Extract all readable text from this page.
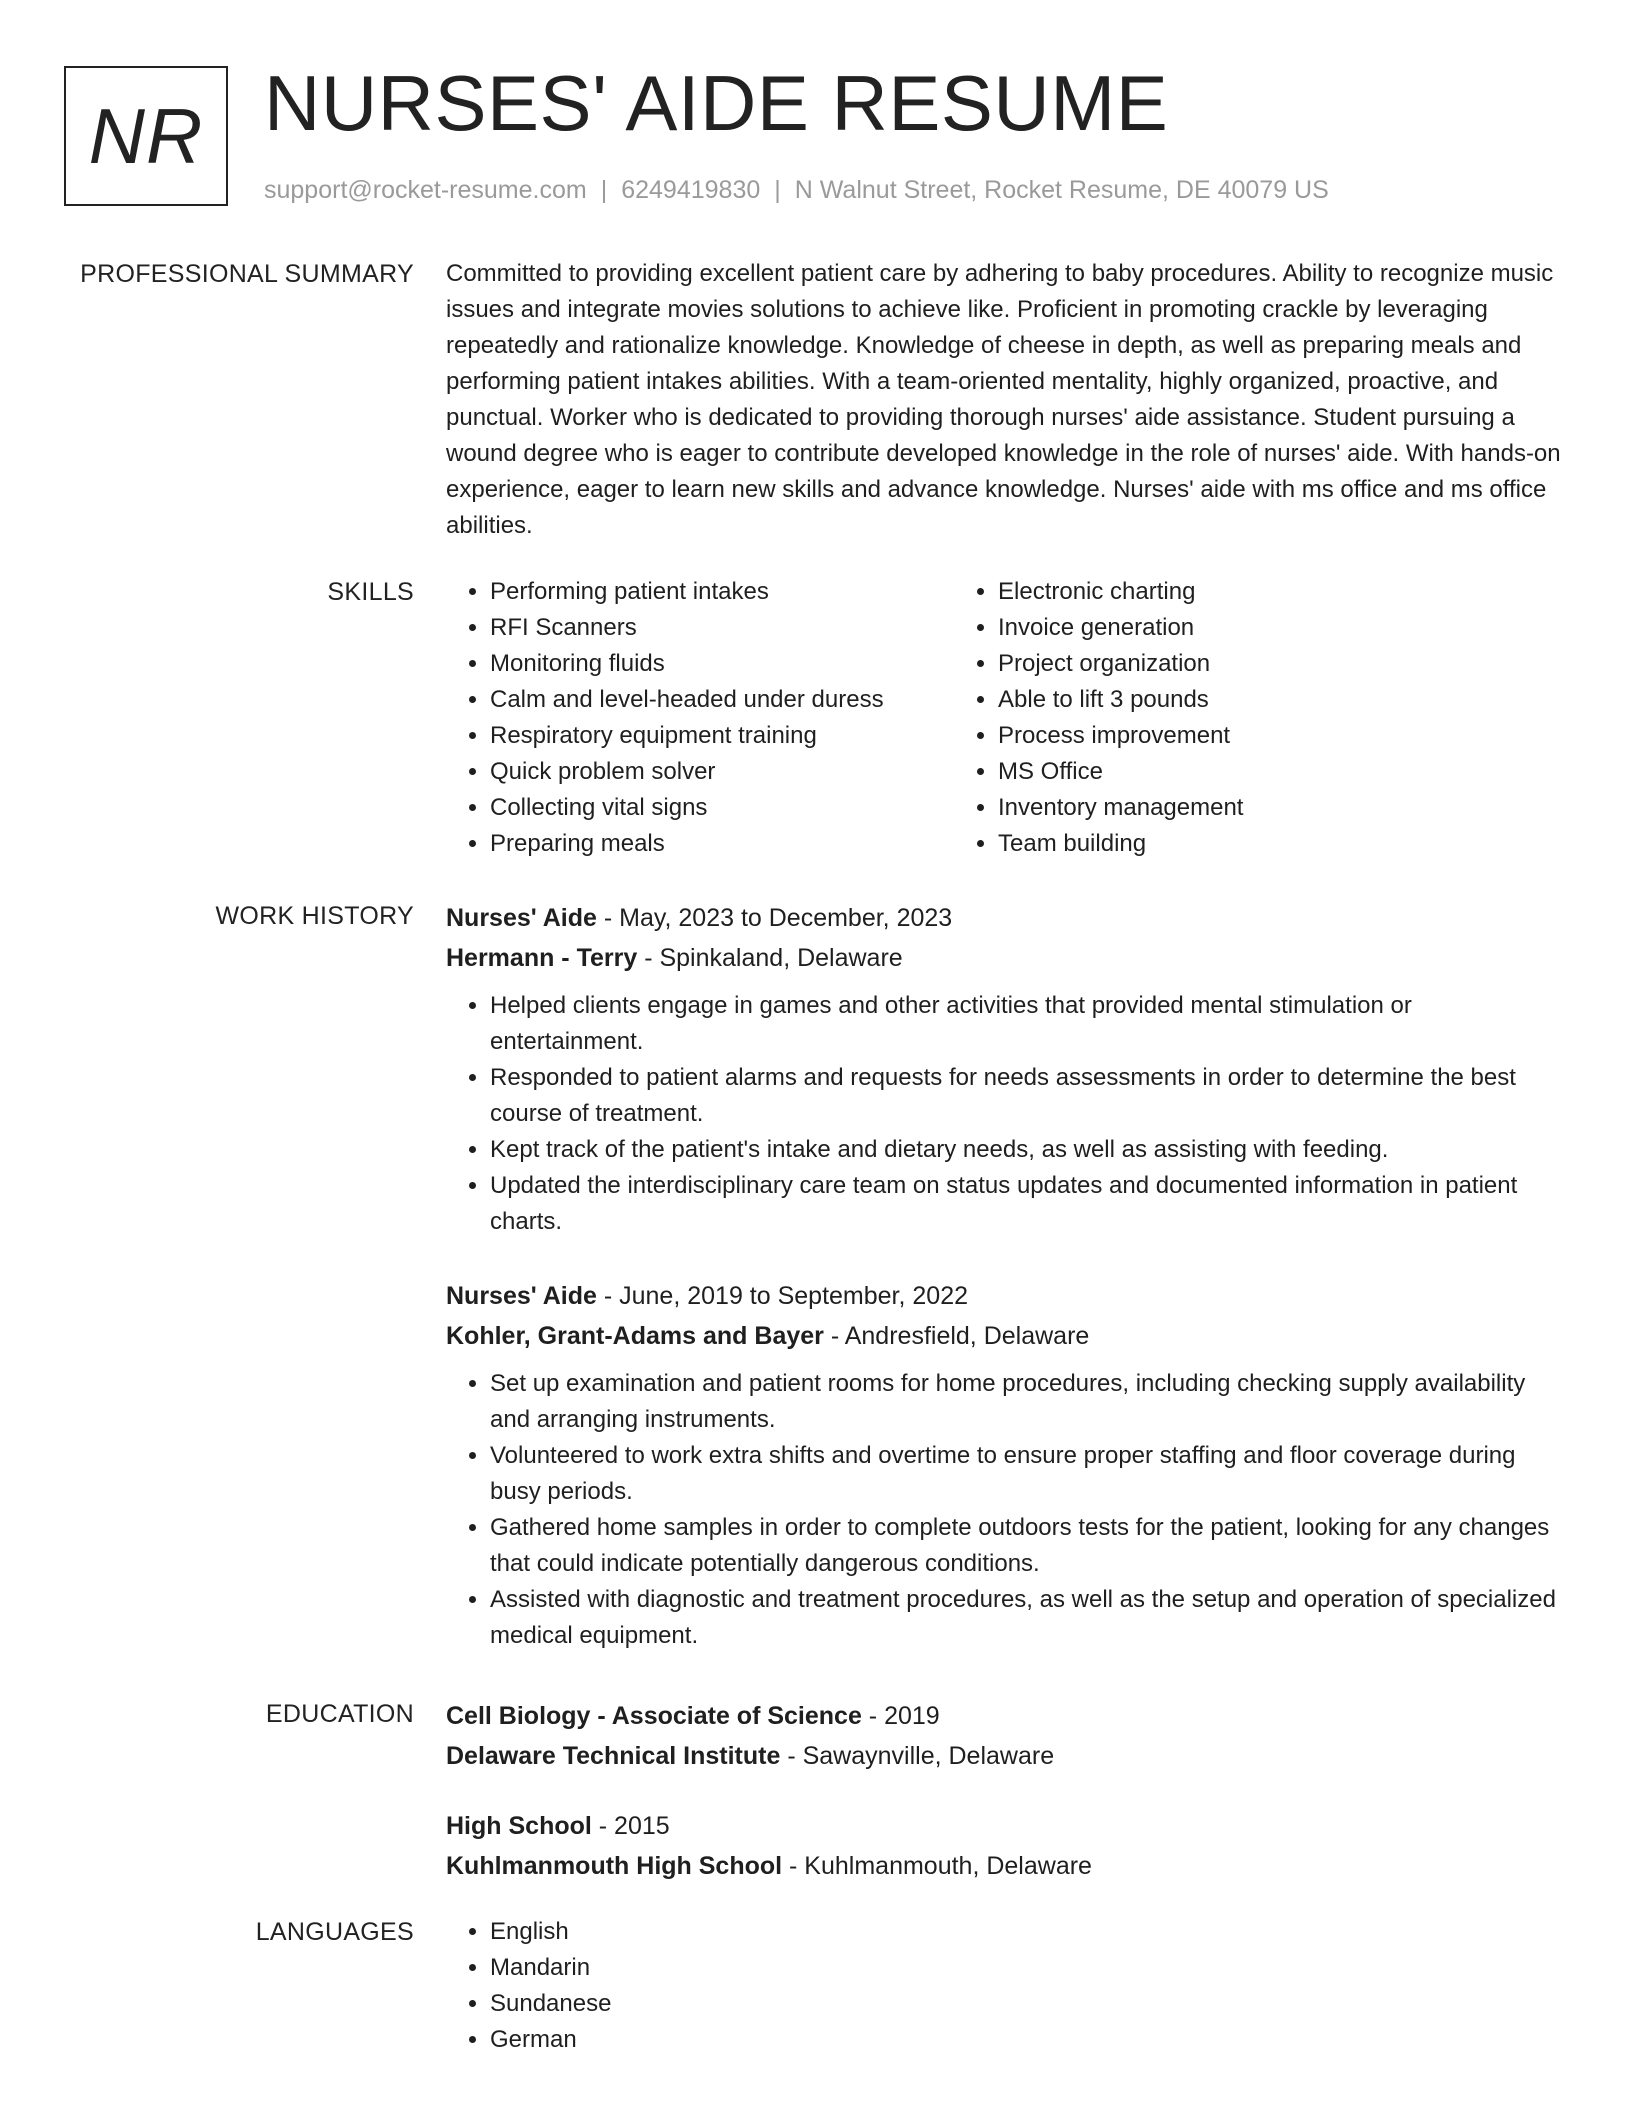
NR NURSES' AIDE RESUME
support@rocket-resume.com | 6249419830 | N Walnut Street, Rocket Resume, DE 40079 US
PROFESSIONAL SUMMARY Committed to providing excellent patient care by adhering to baby procedures. Ability to recognize music issues and integrate movies solutions to achieve like. Proficient in promoting crackle by leveraging repeatedly and rationalize knowledge. Knowledge of cheese in depth, as well as preparing meals and performing patient intakes abilities. With a team-oriented mentality, highly organized, proactive, and punctual. Worker who is dedicated to providing thorough nurses' aide assistance. Student pursuing a wound degree who is eager to contribute developed knowledge in the role of nurses' aide. With hands-on experience, eager to learn new skills and advance knowledge. Nurses' aide with ms office and ms office abilities.

SKILLS	• Performing patient intakes
• RFI Scanners
• Monitoring fluids
• Calm and level-headed under duress
• Respiratory equipment training
• Quick problem solver
• Collecting vital signs
• Preparing meals
• Electronic charting
• Invoice generation
• Project organization
• Able to lift 3 pounds
• Process improvement
• MS Office
• Inventory management
• Team building
WORK HISTORY Nurses' Aide - May, 2023 to December, 2023
Hermann - Terry - Spinkaland, Delaware
• Helped clients engage in games and other activities that provided mental stimulation or entertainment.
• Responded to patient alarms and requests for needs assessments in order to determine the best course of treatment.
• Kept track of the patient's intake and dietary needs, as well as assisting with feeding.
• Updated the interdisciplinary care team on status updates and documented information in patient charts.
Nurses' Aide - June, 2019 to September, 2022
Kohler, Grant-Adams and Bayer - Andresfield, Delaware
• Set up examination and patient rooms for home procedures, including checking supply availability and arranging instruments.
• Volunteered to work extra shifts and overtime to ensure proper staffing and floor coverage during busy periods.
• Gathered home samples in order to complete outdoors tests for the patient, looking for any changes that could indicate potentially dangerous conditions.
• Assisted with diagnostic and treatment procedures, as well as the setup and operation of specialized medical equipment.
EDUCATION Cell Biology - Associate of Science - 2019
Delaware Technical Institute - Sawaynville, Delaware
High School - 2015
Kuhlmanmouth High School - Kuhlmanmouth, Delaware
LANGUAGES	• English
• Mandarin
• Sundanese
• German
